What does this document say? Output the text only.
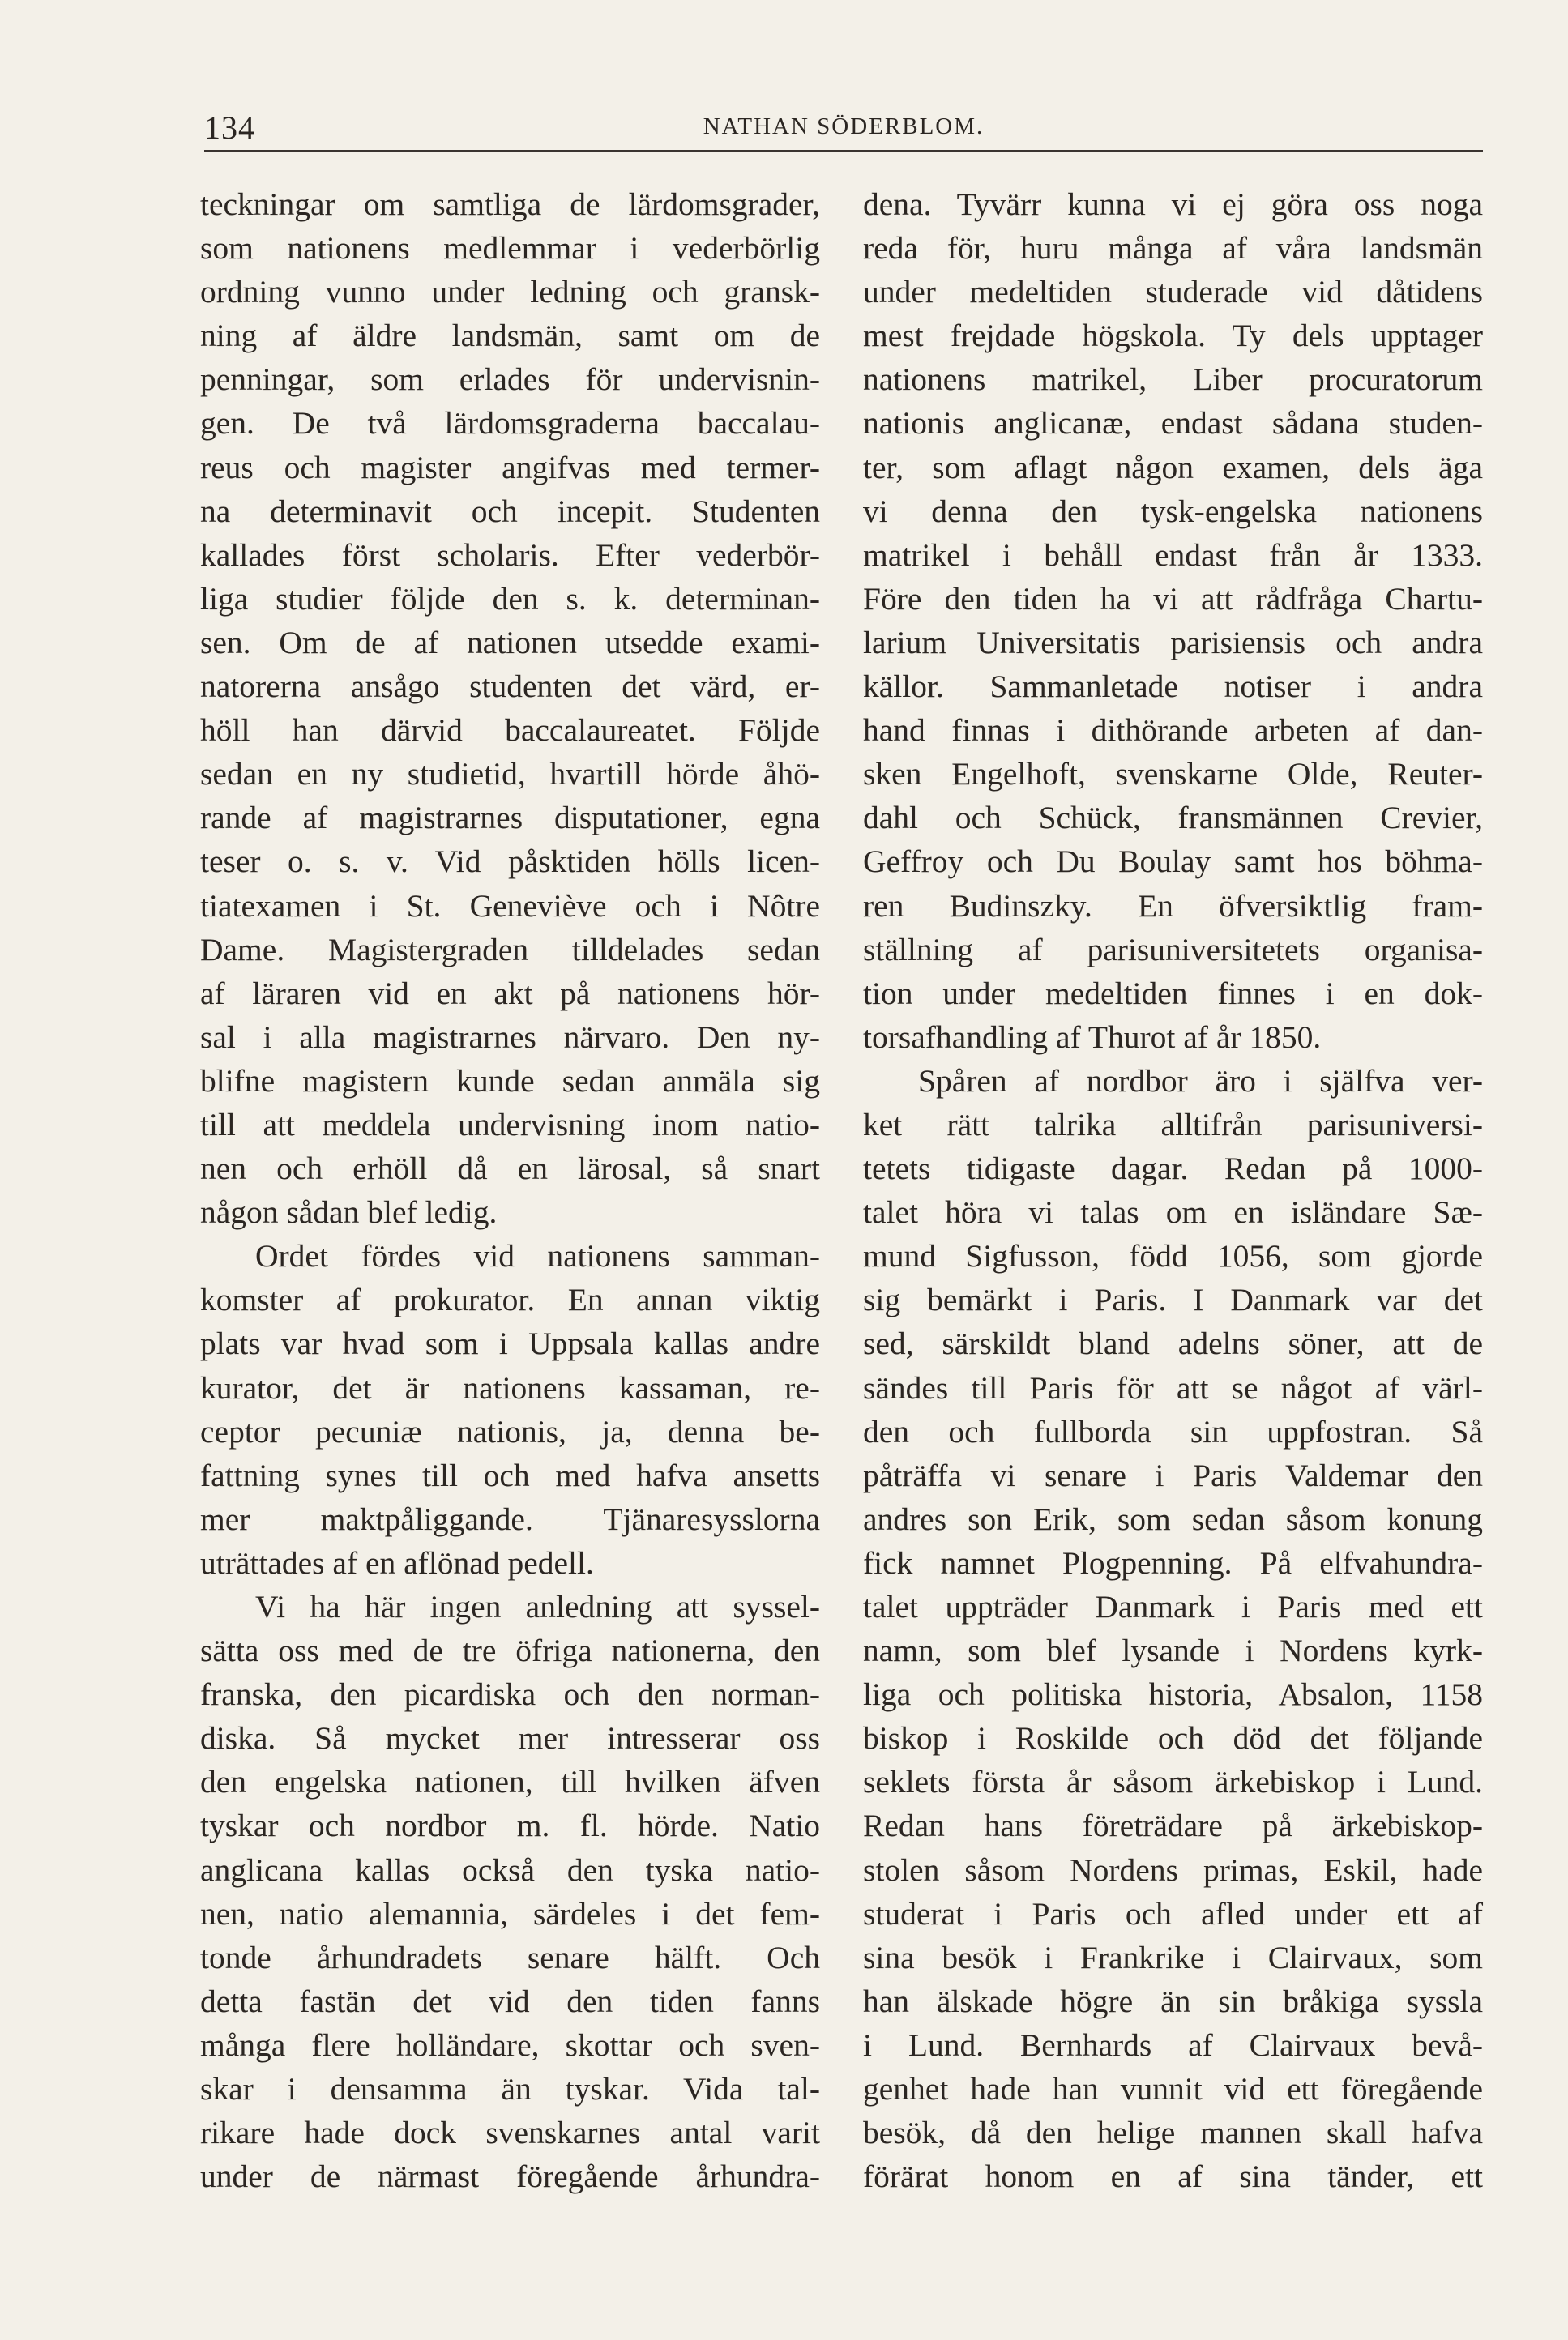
134	NATHAN SÖDERBLOM.
teckningar om samtliga de lärdomsgrader,
som nationens medlemmar i vederbörlig
ordning vunno under ledning och gransk-
ning af äldre landsmän, samt om de
penningar, som erlades för undervisnin-
gen. De två lärdomsgraderna baccalau-
reus och magister angifvas med termer-
na determinavit och incepit. Studenten
kallades först scholaris. Efter vederbör-
liga studier följde den s. k. determinan-
sen. Om de af nationen utsedde exami-
natorerna ansågo studenten det värd, er-
höll han därvid baccalaureatet. Följde
sedan en ny studietid, hvartill hörde åhö-
rande af magistrarnes disputationer, egna
teser o. s. v. Vid påsktiden hölls licen-
tiatexamen i St. Geneviève och i Nôtre
Dame. Magistergraden tilldelades sedan
af läraren vid en akt på nationens hör-
sal i alla magistrarnes närvaro. Den ny-
blifne magistern kunde sedan anmäla sig
till att meddela undervisning inom natio-
nen och erhöll då en lärosal, så snart
någon sådan blef ledig.
Ordet fördes vid nationens samman-
komster af prokurator. En annan viktig
plats var hvad som i Uppsala kallas andre
kurator, det är nationens kassaman, re-
ceptor pecuniæ nationis, ja, denna be-
fattning synes till och med hafva ansetts
mer maktpåliggande. Tjänaresysslorna
uträttades af en aflönad pedell.
Vi ha här ingen anledning att syssel-
sätta oss med de tre öfriga nationerna, den
franska, den picardiska och den norman-
diska. Så mycket mer intresserar oss
den engelska nationen, till hvilken äfven
tyskar och nordbor m. fl. hörde. Natio
anglicana kallas också den tyska natio-
nen, natio alemannia, särdeles i det fem-
tonde århundradets senare hälft. Och
detta fastän det vid den tiden fanns
många flere holländare, skottar och sven-
skar i densamma än tyskar. Vida tal-
rikare hade dock svenskarnes antal varit
under de närmast föregående århundra-
dena. Tyvärr kunna vi ej göra oss noga
reda för, huru många af våra landsmän
under medeltiden studerade vid dåtidens
mest frejdade högskola. Ty dels upptager
nationens matrikel, Liber procuratorum
nationis anglicanæ, endast sådana studen-
ter, som aflagt någon examen, dels äga
vi denna den tysk-engelska nationens
matrikel i behåll endast från år 1333.
Före den tiden ha vi att rådfråga Chartu-
larium Universitatis parisiensis och andra
källor. Sammanletade notiser i andra
hand finnas i dithörande arbeten af dan-
sken Engelhoft, svenskarne Olde, Reuter-
dahl och Schück, fransmännen Crevier,
Geffroy och Du Boulay samt hos böhma-
ren Budinszky. En öfversiktlig fram-
ställning af parisuniversitetets organisa-
tion under medeltiden finnes i en dok-
torsafhandling af Thurot af år 1850.
Spåren af nordbor äro i själfva ver-
ket rätt talrika alltifrån parisuniversi-
tetets tidigaste dagar. Redan på 1000-
talet höra vi talas om en isländare Sæ-
mund Sigfusson, född 1056, som gjorde
sig bemärkt i Paris. I Danmark var det
sed, särskildt bland adelns söner, att de
sändes till Paris för att se något af värl-
den och fullborda sin uppfostran. Så
påträffa vi senare i Paris Valdemar den
andres son Erik, som sedan såsom konung
fick namnet Plogpenning. På elfvahundra-
talet uppträder Danmark i Paris med ett
namn, som blef lysande i Nordens kyrk-
liga och politiska historia, Absalon, 1158
biskop i Roskilde och död det följande
seklets första år såsom ärkebiskop i Lund.
Redan hans företrädare på ärkebiskop-
stolen såsom Nordens primas, Eskil, hade
studerat i Paris och afled under ett af
sina besök i Frankrike i Clairvaux, som
han älskade högre än sin bråkiga syssla
i Lund. Bernhards af Clairvaux bevå-
genhet hade han vunnit vid ett föregående
besök, då den helige mannen skall hafva
förärat honom en af sina tänder, ett
